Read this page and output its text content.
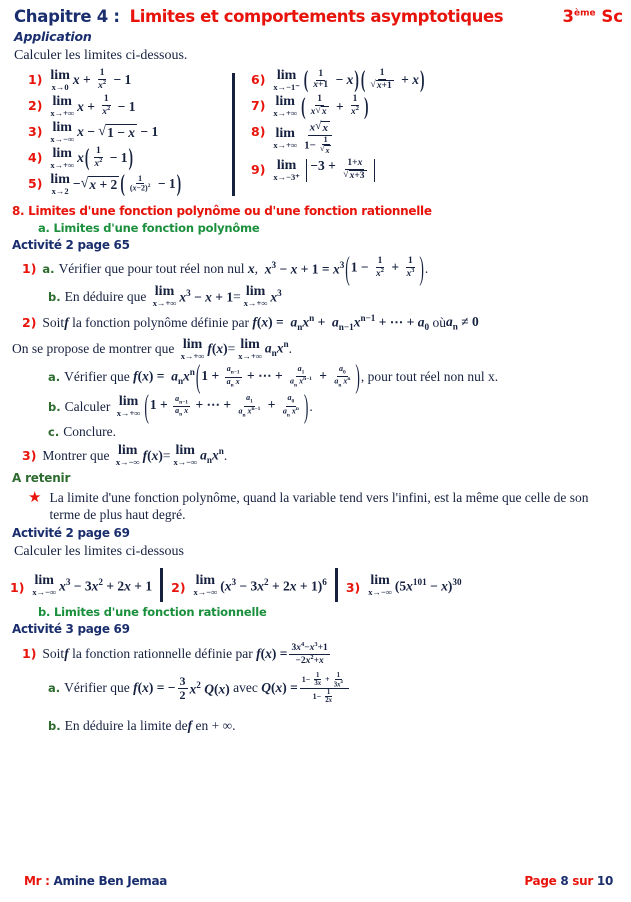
Chapitre 4 : Limites et comportements asymptotiques	3ème Sc
Application
Calculer les limites ci-dessous.
1) lim
x→0 $x + \frac{1}{x^2} - 1$
2) lim
x→+∞ $x + \frac{1}{x^2} - 1$
3) lim
x→−∞ x − √ 1 − x − 1
4) lim
x→+∞ x ( $\frac{1}{x^2} - 1$ )
5) lim
x→2 − √ x + 2 ( $\frac{1}{(x-2)^2} - 1$ )
6) lim
x→−1⁻ ( $\frac{1}{x+1} - x$ ) ( $\frac{1}{√ x+1} + x$ )
7) lim
x→+∞ ( $\frac{1}{x √ x} + \frac{1}{x^2}$ )
8) lim
$x\to+\infty \frac{x √ x}{1- \frac{1}{√ x}}$
9) lim
x→−3⁺
$-3 + \frac{1+x}{√ x+3}$
8. Limites d'une fonction polynôme ou d'une fonction rationnelle
a. Limites d'une fonction polynôme
Activité 2 page 65
1) a. Vérifier que pour tout réel non nul
x , $x^3 - x + 1 = x^3$ ( $1 - \frac{1}{x^2} + \frac{1}{x^3}$ ) .
b. En déduire que
lim
x→+∞ $x^3 - x + 1 = \lim$
x→+∞ $x^3$
2) Soit f la fonction polynôme définie par $f(x) = a_nx^n + a_{n-1}x^{n-1}$ + ⋯ + $a_0$ où $a_n \ne 0$
On se propose de montrer que lim
x→+∞ f(x) = lim
x→+∞
$a_nx^n$ .
a. Vérifier que
$f(x) = a_nx^n$ ( $1 + \frac{a_{n-1}}{a_n x}$ + ⋯ + $\frac{a_1}{a_n x^{n-1}} + \frac{a_0}{a_n x^n}$ ) , pour tout réel non nul x.
b. Calculer
lim
x→+∞ ( $1 + \frac{a_{n-1}}{a_n x}$ + ⋯ + $\frac{a_1}{a_n x^{n-1}} + \frac{a_0}{a_n x^n}$ ) .
c. Conclure.
3) Montrer que
lim
x→−∞ f(x) = lim
x→−∞
$a_nx^n$ .
A retenir
★ La limite d'une fonction polynôme, quand la variable tend vers l'infini, est la même que celle de son terme de plus haut degré.
Activité 2 page 69
Calculer les limites ci-dessous
1) lim
x→−∞ $x^3 - 3x^2 + 2x + 1$ 2) lim
x→−∞ $(x^3 - 3x^2 + 2x + 1)^6$ 3) lim
x→−∞ $(5x^{101} - x)^{30}$
b. Limites d'une fonction rationnelle
Activité 3 page 69
1) Soit f la fonction rationnelle définie par $f(x) = \frac{3x^4-x^3+1}{-2x^2+x}$
a. Vérifier que
f(x) = − $\frac{3}{2} x^2$ Q(x) avec $Q(x) = \frac{1- \frac{1}{3x} + \frac{1}{3x^4}}{1- \frac{1}{2x}}$
b. En déduire la limite de f en + ∞.
Mr : Amine Ben Jemaa	Page 8 sur 10
